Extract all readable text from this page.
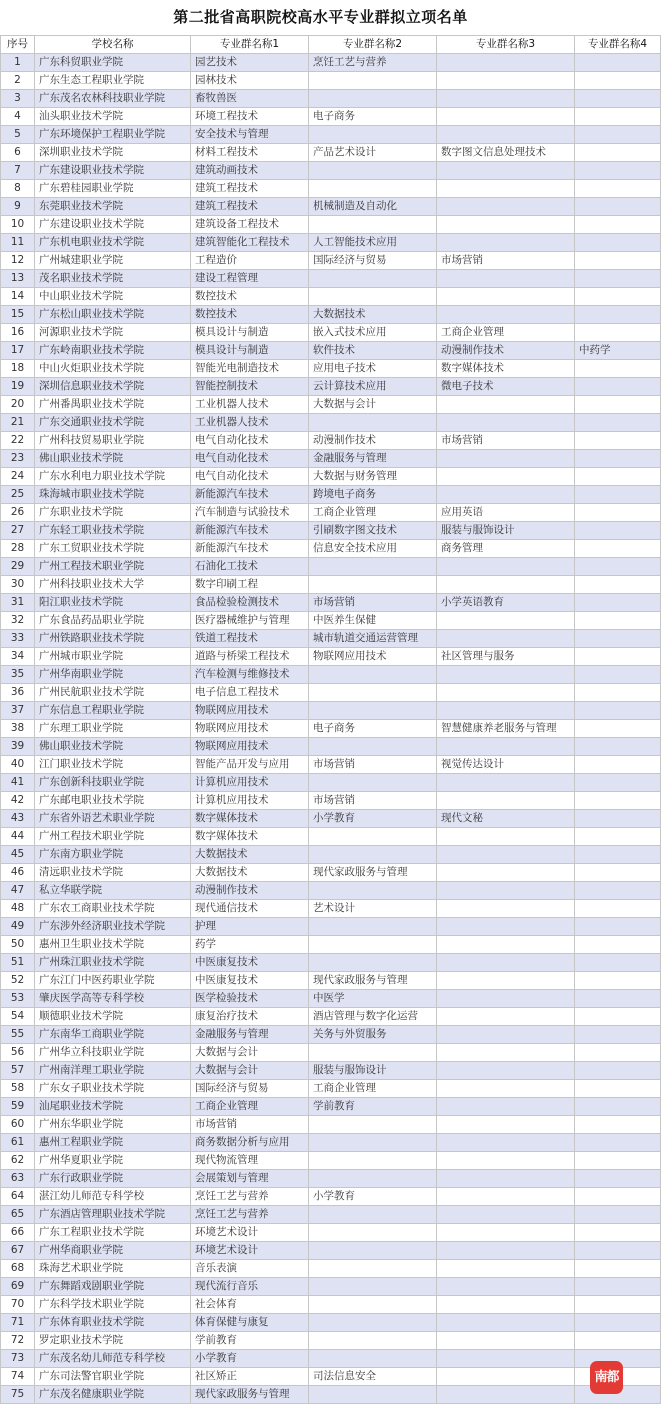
第二批省高职院校高水平专业群拟立项名单
序号	学校名称	专业群名称1	专业群名称2	专业群名称3	专业群名称4
1	广东科贸职业学院	园艺技术	烹饪工艺与营养		
2	广东生态工程职业学院	园林技术			
3	广东茂名农林科技职业学院	畜牧兽医			
4	汕头职业技术学院	环境工程技术	电子商务		
5	广东环境保护工程职业学院	安全技术与管理			
6	深圳职业技术学院	材料工程技术	产品艺术设计	数字图文信息处理技术	
7	广东建设职业技术学院	建筑动画技术			
8	广东碧桂园职业学院	建筑工程技术			
9	东莞职业技术学院	建筑工程技术	机械制造及自动化		
10	广东建设职业技术学院	建筑设备工程技术			
11	广东机电职业技术学院	建筑智能化工程技术	人工智能技术应用		
12	广州城建职业学院	工程造价	国际经济与贸易	市场营销	
13	茂名职业技术学院	建设工程管理			
14	中山职业技术学院	数控技术			
15	广东松山职业技术学院	数控技术	大数据技术		
16	河源职业技术学院	模具设计与制造	嵌入式技术应用	工商企业管理	
17	广东岭南职业技术学院	模具设计与制造	软件技术	动漫制作技术	中药学
18	中山火炬职业技术学院	智能光电制造技术	应用电子技术	数字媒体技术	
19	深圳信息职业技术学院	智能控制技术	云计算技术应用	微电子技术	
20	广州番禺职业技术学院	工业机器人技术	大数据与会计		
21	广东交通职业技术学院	工业机器人技术			
22	广州科技贸易职业学院	电气自动化技术	动漫制作技术	市场营销	
23	佛山职业技术学院	电气自动化技术	金融服务与管理		
24	广东水利电力职业技术学院	电气自动化技术	大数据与财务管理		
25	珠海城市职业技术学院	新能源汽车技术	跨境电子商务		
26	广东职业技术学院	汽车制造与试验技术	工商企业管理	应用英语	
27	广东轻工职业技术学院	新能源汽车技术	引刷数字图文技术	服装与服饰设计	
28	广东工贸职业技术学院	新能源汽车技术	信息安全技术应用	商务管理	
29	广州工程技术职业学院	石油化工技术			
30	广州科技职业技术大学	数字印刷工程			
31	阳江职业技术学院	食品检验检测技术	市场营销	小学英语教育	
32	广东食品药品职业学院	医疗器械维护与管理	中医养生保健		
33	广州铁路职业技术学院	铁道工程技术	城市轨道交通运营管理		
34	广州城市职业学院	道路与桥梁工程技术	物联网应用技术	社区管理与服务	
35	广州华南职业学院	汽车检测与维修技术			
36	广州民航职业技术学院	电子信息工程技术			
37	广东信息工程职业学院	物联网应用技术			
38	广东理工职业学院	物联网应用技术	电子商务	智慧健康养老服务与管理	
39	佛山职业技术学院	物联网应用技术			
40	江门职业技术学院	智能产品开发与应用	市场营销	视觉传达设计	
41	广东创新科技职业学院	计算机应用技术			
42	广东邮电职业技术学院	计算机应用技术	市场营销		
43	广东省外语艺术职业学院	数字媒体技术	小学教育	现代文秘	
44	广州工程技术职业学院	数字媒体技术			
45	广东南方职业学院	大数据技术			
46	清远职业技术学院	大数据技术	现代家政服务与管理		
47	私立华联学院	动漫制作技术			
48	广东农工商职业技术学院	现代通信技术	艺术设计		
49	广东涉外经济职业技术学院	护理			
50	惠州卫生职业技术学院	药学			
51	广州珠江职业技术学院	中医康复技术			
52	广东江门中医药职业学院	中医康复技术	现代家政服务与管理		
53	肇庆医学高等专科学校	医学检验技术	中医学		
54	顺德职业技术学院	康复治疗技术	酒店管理与数字化运营		
55	广东南华工商职业学院	金融服务与管理	关务与外贸服务		
56	广州华立科技职业学院	大数据与会计			
57	广州南洋理工职业学院	大数据与会计	服装与服饰设计		
58	广东女子职业技术学院	国际经济与贸易	工商企业管理		
59	汕尾职业技术学院	工商企业管理	学前教育		
60	广州东华职业学院	市场营销			
61	惠州工程职业学院	商务数据分析与应用			
62	广州华夏职业学院	现代物流管理			
63	广东行政职业学院	会展策划与管理			
64	湛江幼儿师范专科学校	烹饪工艺与营养	小学教育		
65	广东酒店管理职业技术学院	烹饪工艺与营养			
66	广东工程职业技术学院	环境艺术设计			
67	广州华商职业学院	环境艺术设计			
68	珠海艺术职业学院	音乐表演			
69	广东舞蹈戏剧职业学院	现代流行音乐			
70	广东科学技术职业学院	社会体育			
71	广东体育职业技术学院	体育保健与康复			
72	罗定职业技术学院	学前教育			
73	广东茂名幼儿师范专科学校	小学教育			
74	广东司法警官职业学院	社区矫正	司法信息安全		
75	广东茂名健康职业学院	现代家政服务与管理			
南都
